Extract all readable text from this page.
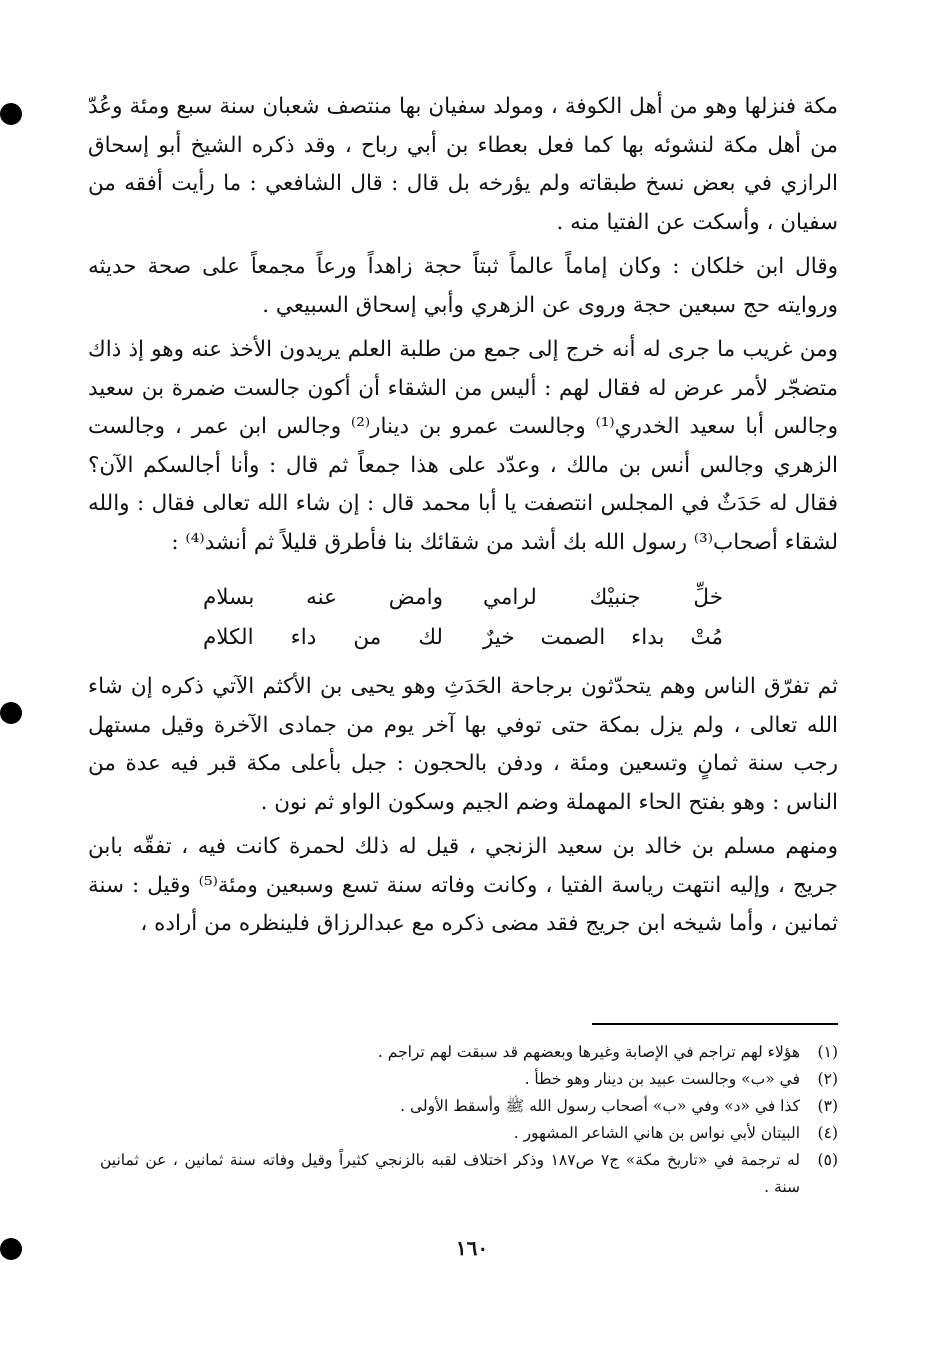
مكة فنزلها وهو من أهل الكوفة ، ومولد سفيان بها منتصف شعبان سنة سبع ومئة وعُدّ من أهل مكة لنشوئه بها كما فعل بعطاء بن أبي رباح ، وقد ذكره الشيخ أبو إسحاق الرازي في بعض نسخ طبقاته ولم يؤرخه بل قال : قال الشافعي : ما رأيت أفقه من سفيان ، وأسكت عن الفتيا منه .

وقال ابن خلكان : وكان إماماً عالماً ثبتاً حجة زاهداً ورعاً مجمعاً على صحة حديثه وروايته حج سبعين حجة وروى عن الزهري وأبي إسحاق السبيعي .

ومن غريب ما جرى له أنه خرج إلى جمع من طلبة العلم يريدون الأخذ عنه وهو إذ ذاك متضجّر لأمر عرض له فقال لهم : أليس من الشقاء أن أكون جالست ضمرة بن سعيد وجالس أبا سعيد الخدري⁽¹⁾ وجالست عمرو بن دينار⁽²⁾ وجالس ابن عمر ، وجالست الزهري وجالس أنس بن مالك ، وعدّد على هذا جمعاً ثم قال : وأنا أجالسكم الآن؟ فقال له حَدَثٌ في المجلس انتصفت يا أبا محمد قال : إن شاء الله تعالى فقال : والله لشقاء أصحاب⁽³⁾ رسول الله بك أشد من شقائك بنا فأطرق قليلاً ثم أنشد⁽⁴⁾ :

خلِّ جنبيْك لرامي
وامض عنه بسلام
مُتْ بداء الصمت خيرٌ
لك من داء الكلام

ثم تفرّق الناس وهم يتحدّثون برجاحة الحَدَثِ وهو يحيى بن الأكثم الآتي ذكره إن شاء الله تعالى ، ولم يزل بمكة حتى توفي بها آخر يوم من جمادى الآخرة وقيل مستهل رجب سنة ثمانٍ وتسعين ومئة ، ودفن بالحجون : جبل بأعلى مكة قبر فيه عدة من الناس : وهو بفتح الحاء المهملة وضم الجيم وسكون الواو ثم نون .

ومنهم مسلم بن خالد بن سعيد الزنجي ، قيل له ذلك لحمرة كانت فيه ، تفقّه بابن جريج ، وإليه انتهت رياسة الفتيا ، وكانت وفاته سنة تسع وسبعين ومئة⁽⁵⁾ وقيل : سنة ثمانين ، وأما شيخه ابن جريج فقد مضى ذكره مع عبدالرزاق فلينظره من أراده ،

(١)
هؤلاء لهم تراجم في الإصابة وغيرها وبعضهم قد سبقت لهم تراجم .
(٢)
في «ب» وجالست عبيد بن دينار وهو خطأ .
(٣)
كذا في «د» وفي «ب» أصحاب رسول الله ﷺ وأسقط الأولى .
(٤)
البيتان لأبي نواس بن هاني الشاعر المشهور .
(٥)
له ترجمة في «تاريخ مكة» ج٧ ص١٨٧ وذكر اختلاف لقبه بالزنجي كثيراً وقيل وفاته سنة ثمانين ، عن ثمانين سنة .
١٦٠
